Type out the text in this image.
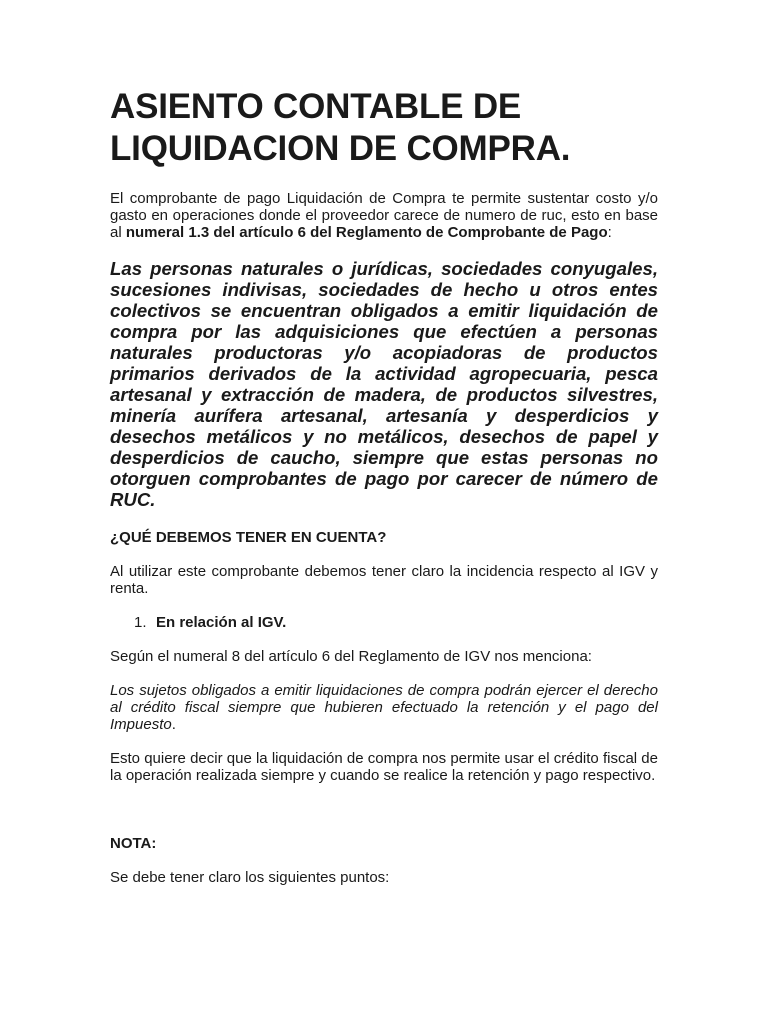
ASIENTO CONTABLE DE LIQUIDACION DE COMPRA.

El comprobante de pago Liquidación de Compra te permite sustentar costo y/o gasto en operaciones donde el proveedor carece de numero de ruc, esto en base al numeral 1.3 del artículo 6 del Reglamento de Comprobante de Pago:

Las personas naturales o jurídicas, sociedades conyugales, sucesiones indivisas, sociedades de hecho u otros entes colectivos se encuentran obligados a emitir liquidación de compra por las adquisiciones que efectúen a personas naturales productoras y/o acopiadoras de productos primarios derivados de la actividad agropecuaria, pesca artesanal y extracción de madera, de productos silvestres, minería aurífera artesanal, artesanía y desperdicios y desechos metálicos y no metálicos, desechos de papel y desperdicios de caucho, siempre que estas personas no otorguen comprobantes de pago por carecer de número de RUC.

¿QUÉ DEBEMOS TENER EN CUENTA?

Al utilizar este comprobante debemos tener claro la incidencia respecto al IGV y renta.

1. En relación al IGV.

Según el numeral 8 del artículo 6 del Reglamento de IGV nos menciona:

Los sujetos obligados a emitir liquidaciones de compra podrán ejercer el derecho al crédito fiscal siempre que hubieren efectuado la retención y el pago del Impuesto.

Esto quiere decir que la liquidación de compra nos permite usar el crédito fiscal de la operación realizada siempre y cuando se realice la retención y pago respectivo.

NOTA:

Se debe tener claro los siguientes puntos:
